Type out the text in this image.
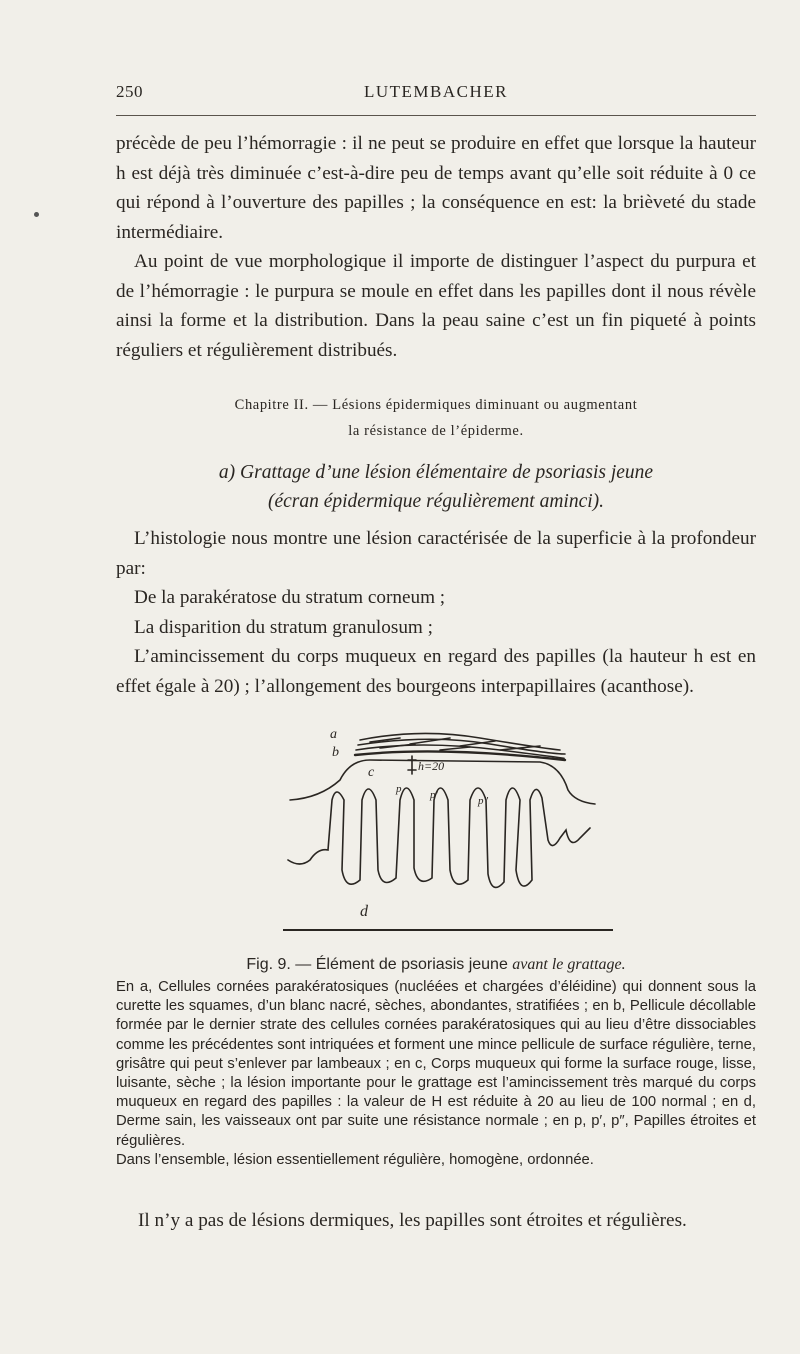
250	LUTEMBACHER

précède de peu l’hémorragie : il ne peut se produire en effet que lorsque la hauteur h est déjà très diminuée c’est-à-dire peu de temps avant qu’elle soit réduite à 0 ce qui répond à l’ouverture des papilles ; la conséquence en est: la brièveté du stade intermédiaire.

Au point de vue morphologique il importe de distinguer l’aspect du purpura et de l’hémorragie : le purpura se moule en effet dans les papilles dont il nous révèle ainsi la forme et la distribution. Dans la peau saine c’est un fin piqueté à points réguliers et régulièrement distribués.

Chapitre II. — Lésions épidermiques diminuant ou augmentant
la résistance de l’épiderme.
a) Grattage d’une lésion élémentaire de psoriasis jeune
(écran épidermique régulièrement aminci).

L’histologie nous montre une lésion caractérisée de la superficie à la profondeur par:

De la parakératose du stratum corneum ;

La disparition du stratum granulosum ;

L’amincissement du corps muqueux en regard des papilles (la hauteur h est en effet égale à 20) ; l’allongement des bourgeons interpapillaires (acanthose).

a
b
c	h=20
p	p′	p″
d
Fig. 9. — Élément de psoriasis jeune avant le grattage.

En a, Cellules cornées parakératosiques (nucléées et chargées d’éléidine) qui donnent sous la curette les squames, d’un blanc nacré, sèches, abondantes, stratifiées ; en b, Pellicule décollable formée par le dernier strate des cellules cornées parakératosiques qui au lieu d’être dissociables comme les précédentes sont intriquées et forment une mince pellicule de surface régulière, terne, grisâtre qui peut s’enlever par lambeaux ; en c, Corps muqueux qui forme la surface rouge, lisse, luisante, sèche ; la lésion importante pour le grattage est l’amincissement très marqué du corps muqueux en regard des papilles : la valeur de H est réduite à 20 au lieu de 100 normal ; en d, Derme sain, les vaisseaux ont par suite une résistance normale ; en p, p′, p″, Papilles étroites et régulières.

Dans l’ensemble, lésion essentiellement régulière, homogène, ordonnée.

Il n’y a pas de lésions dermiques, les papilles sont étroites et régulières.
